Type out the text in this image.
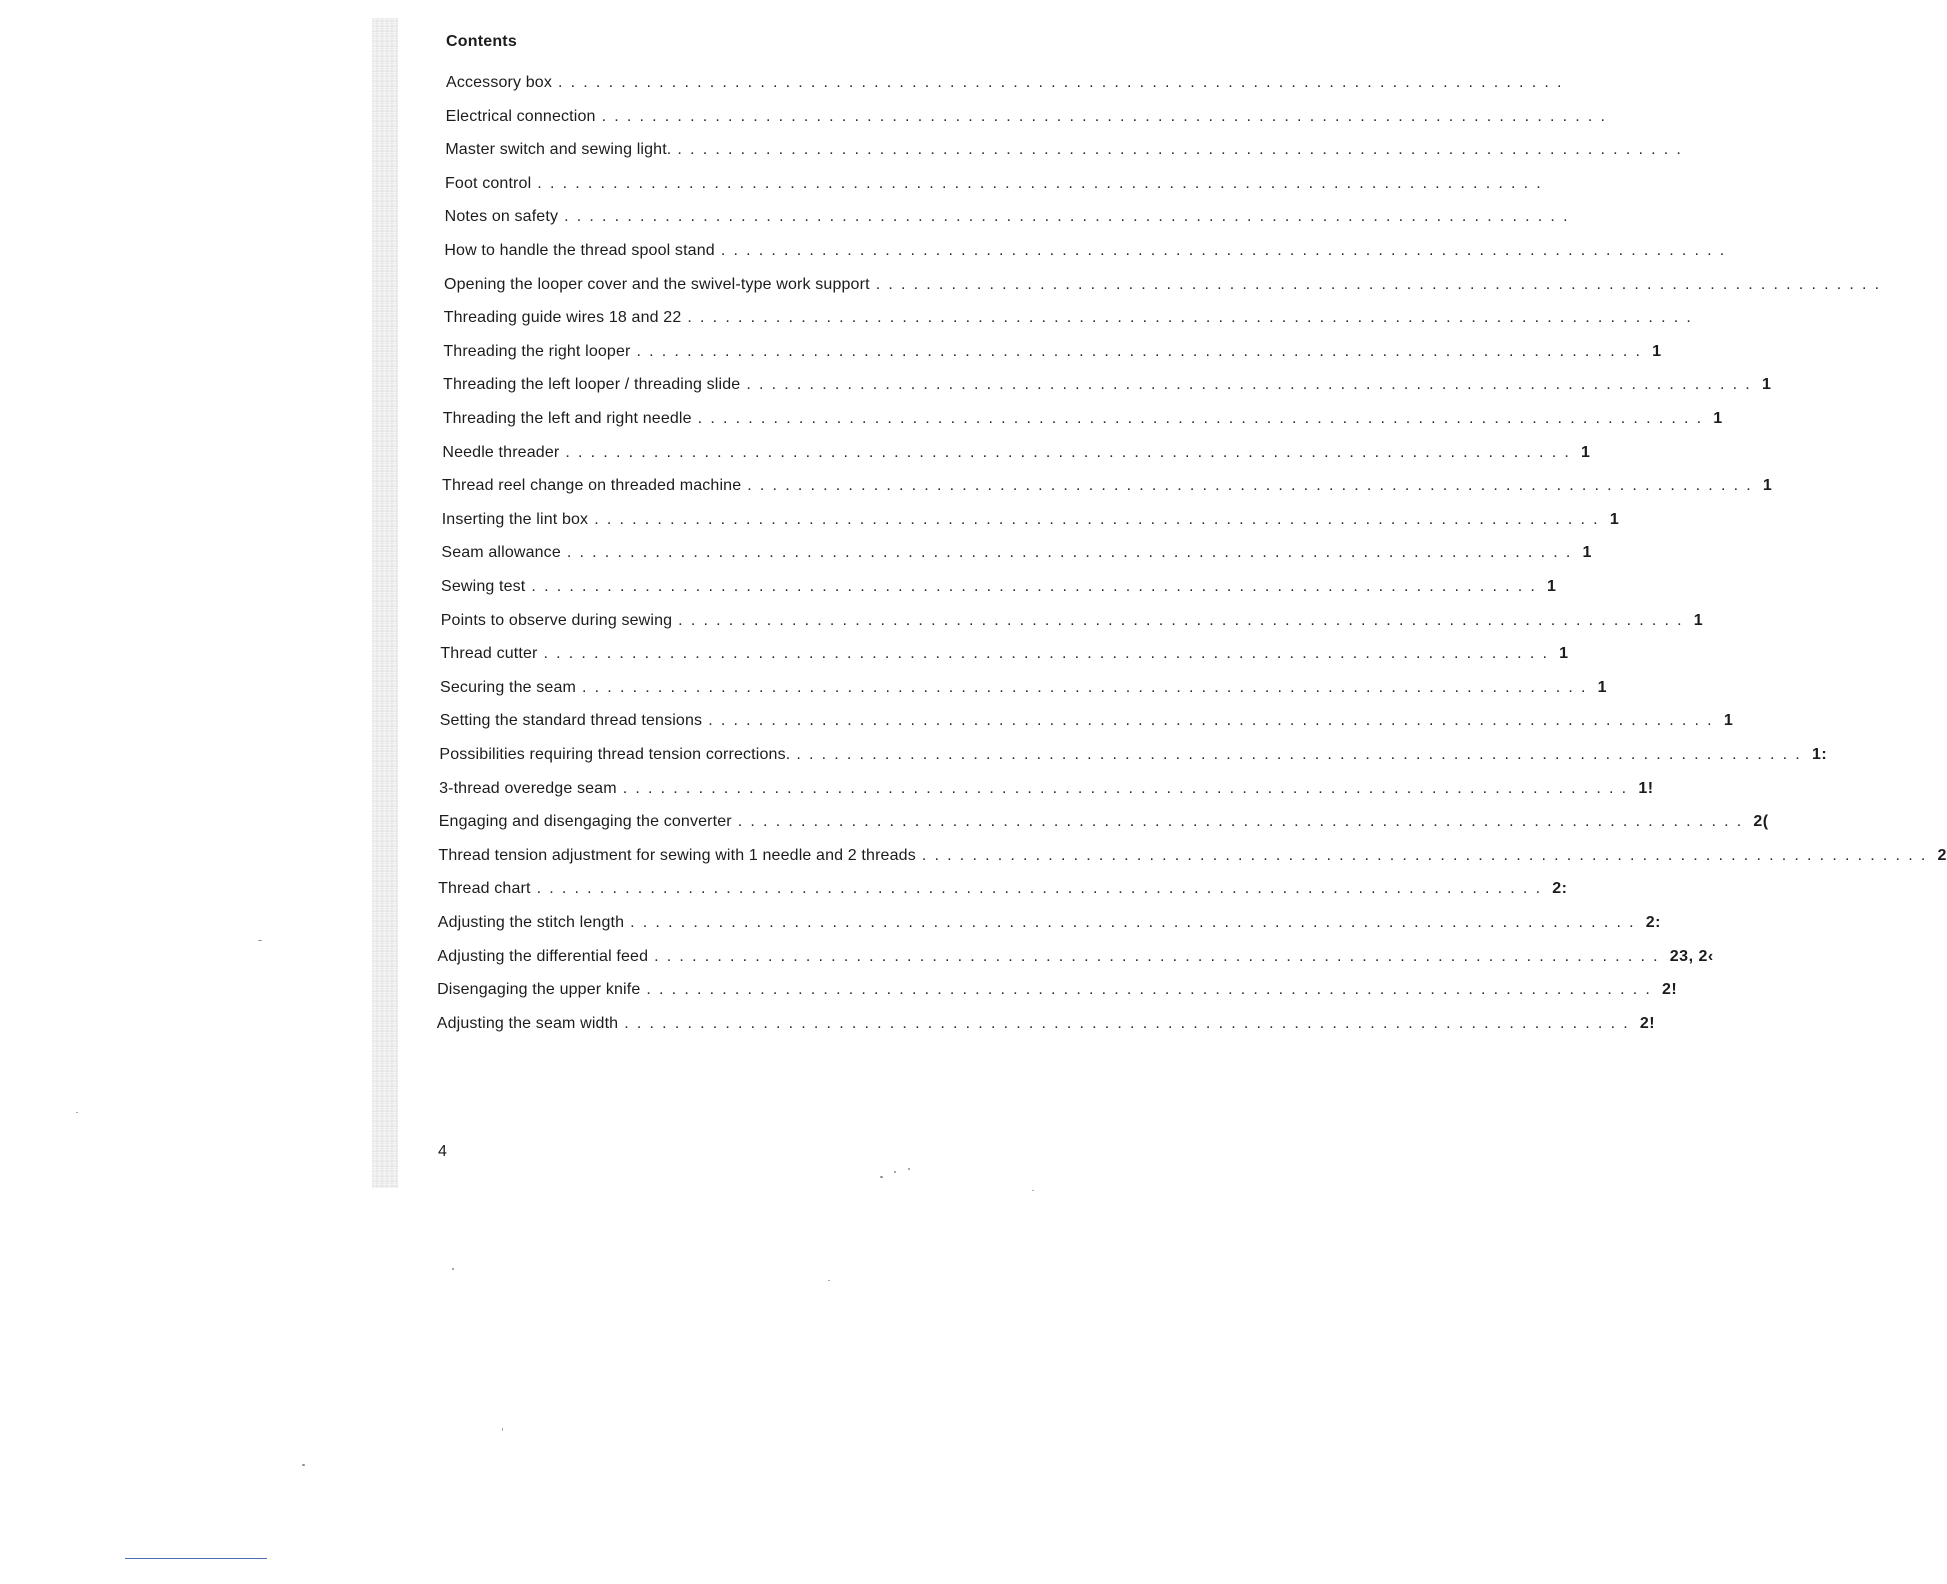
Contents
Accessory box ................................................................................
Electrical connection ................................................................................
Master switch and sewing light. ................................................................................
Foot control ................................................................................
Notes on safety ................................................................................
How to handle the thread spool stand ................................................................................
Opening the looper cover and the swivel-type work support ................................................................................
Threading guide wires 18 and 22 ................................................................................
Threading the right looper ................................................................................ 1
Threading the left looper / threading slide ................................................................................ 1
Threading the left and right needle ................................................................................ 1
Needle threader ................................................................................ 1
Thread reel change on threaded machine ................................................................................ 1
Inserting the lint box ................................................................................ 1
Seam allowance ................................................................................ 1
Sewing test ................................................................................ 1
Points to observe during sewing ................................................................................ 1
Thread cutter ................................................................................ 1
Securing the seam ................................................................................ 1
Setting the standard thread tensions ................................................................................ 1
Possibilities requiring thread tension corrections. ................................................................................ 1:
3-thread overedge seam ................................................................................ 1!
Engaging and disengaging the converter ................................................................................ 2(
Thread tension adjustment for sewing with 1 needle and 2 threads ................................................................................ 2
Thread chart ................................................................................ 2:
Adjusting the stitch length ................................................................................ 2:
Adjusting the differential feed ................................................................................ 23, 2‹
Disengaging the upper knife ................................................................................ 2!
Adjusting the seam width ................................................................................ 2!
4
